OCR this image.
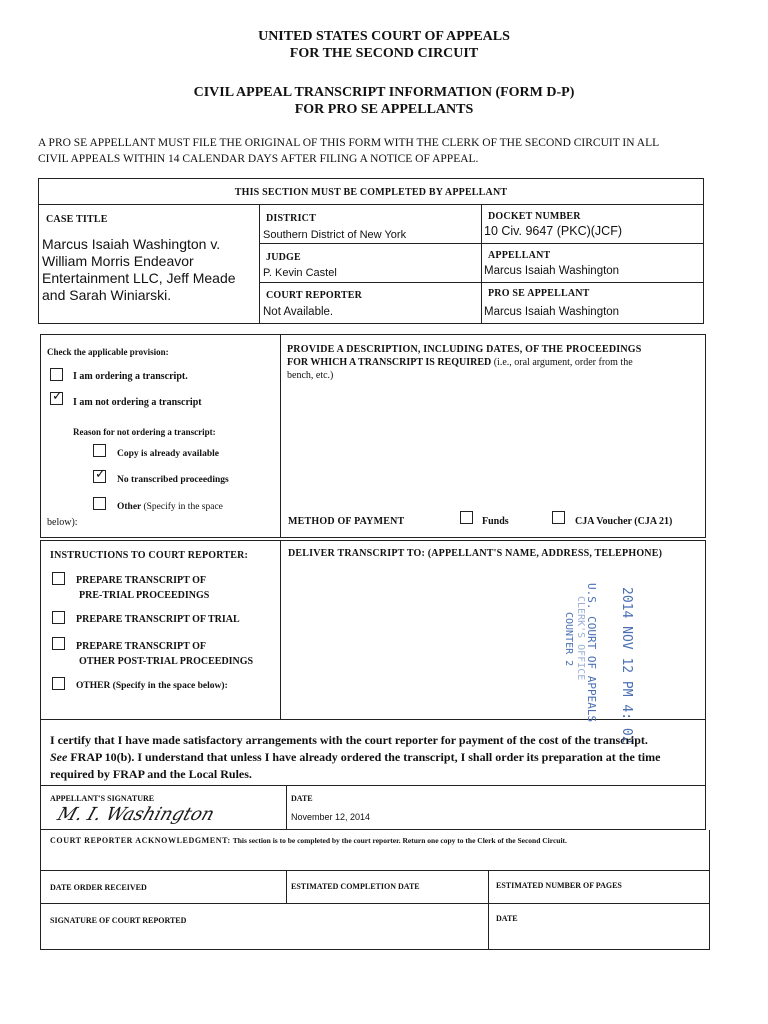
UNITED STATES COURT OF APPEALS
FOR THE SECOND CIRCUIT
CIVIL APPEAL TRANSCRIPT INFORMATION (FORM D-P)
FOR PRO SE APPELLANTS
A PRO SE APPELLANT MUST FILE THE ORIGINAL OF THIS FORM WITH THE CLERK OF THE SECOND CIRCUIT IN ALL
CIVIL APPEALS WITHIN 14 CALENDAR DAYS AFTER FILING A NOTICE OF APPEAL.
THIS SECTION MUST BE COMPLETED BY APPELLANT
CASE TITLE
Marcus Isaiah Washington v. William Morris Endeavor Entertainment LLC, Jeff Meade and Sarah Winiarski.
DISTRICT
Southern District of New York
DOCKET NUMBER
10 Civ. 9647 (PKC)(JCF)
JUDGE
P. Kevin Castel
APPELLANT
Marcus Isaiah Washington
COURT REPORTER
Not Available.
PRO SE APPELLANT
Marcus Isaiah Washington
Check the applicable provision:
I am ordering a transcript.
✓ I am not ordering a transcript
Reason for not ordering a transcript:
Copy is already available
✓ No transcribed proceedings
Other (Specify in the space
below):
PROVIDE A DESCRIPTION, INCLUDING DATES, OF THE PROCEEDINGS
FOR WHICH A TRANSCRIPT IS REQUIRED (i.e., oral argument, order from the
bench, etc.)
METHOD OF PAYMENT	Funds	CJA Voucher (CJA 21)
INSTRUCTIONS TO COURT REPORTER:
PREPARE TRANSCRIPT OF
PRE-TRIAL PROCEEDINGS
PREPARE TRANSCRIPT OF TRIAL
PREPARE TRANSCRIPT OF
OTHER POST-TRIAL PROCEEDINGS
OTHER (Specify in the space below):
DELIVER TRANSCRIPT TO: (APPELLANT'S NAME, ADDRESS, TELEPHONE)
2014 NOV 12 PM 4: 02
U.S. COURT OF APPEALS
CLERK'S OFFICE
COUNTER 2
I certify that I have made satisfactory arrangements with the court reporter for payment of the cost of the transcript.
See FRAP 10(b). I understand that unless I have already ordered the transcript, I shall order its preparation at the time
required by FRAP and the Local Rules.
APPELLANT'S SIGNATURE
M. I. Washington
DATE
November 12, 2014
COURT REPORTER ACKNOWLEDGMENT: This section is to be completed by the court reporter. Return one copy to the Clerk of the Second Circuit.
DATE ORDER RECEIVED	ESTIMATED COMPLETION DATE	ESTIMATED NUMBER OF PAGES
SIGNATURE OF COURT REPORTED	DATE
